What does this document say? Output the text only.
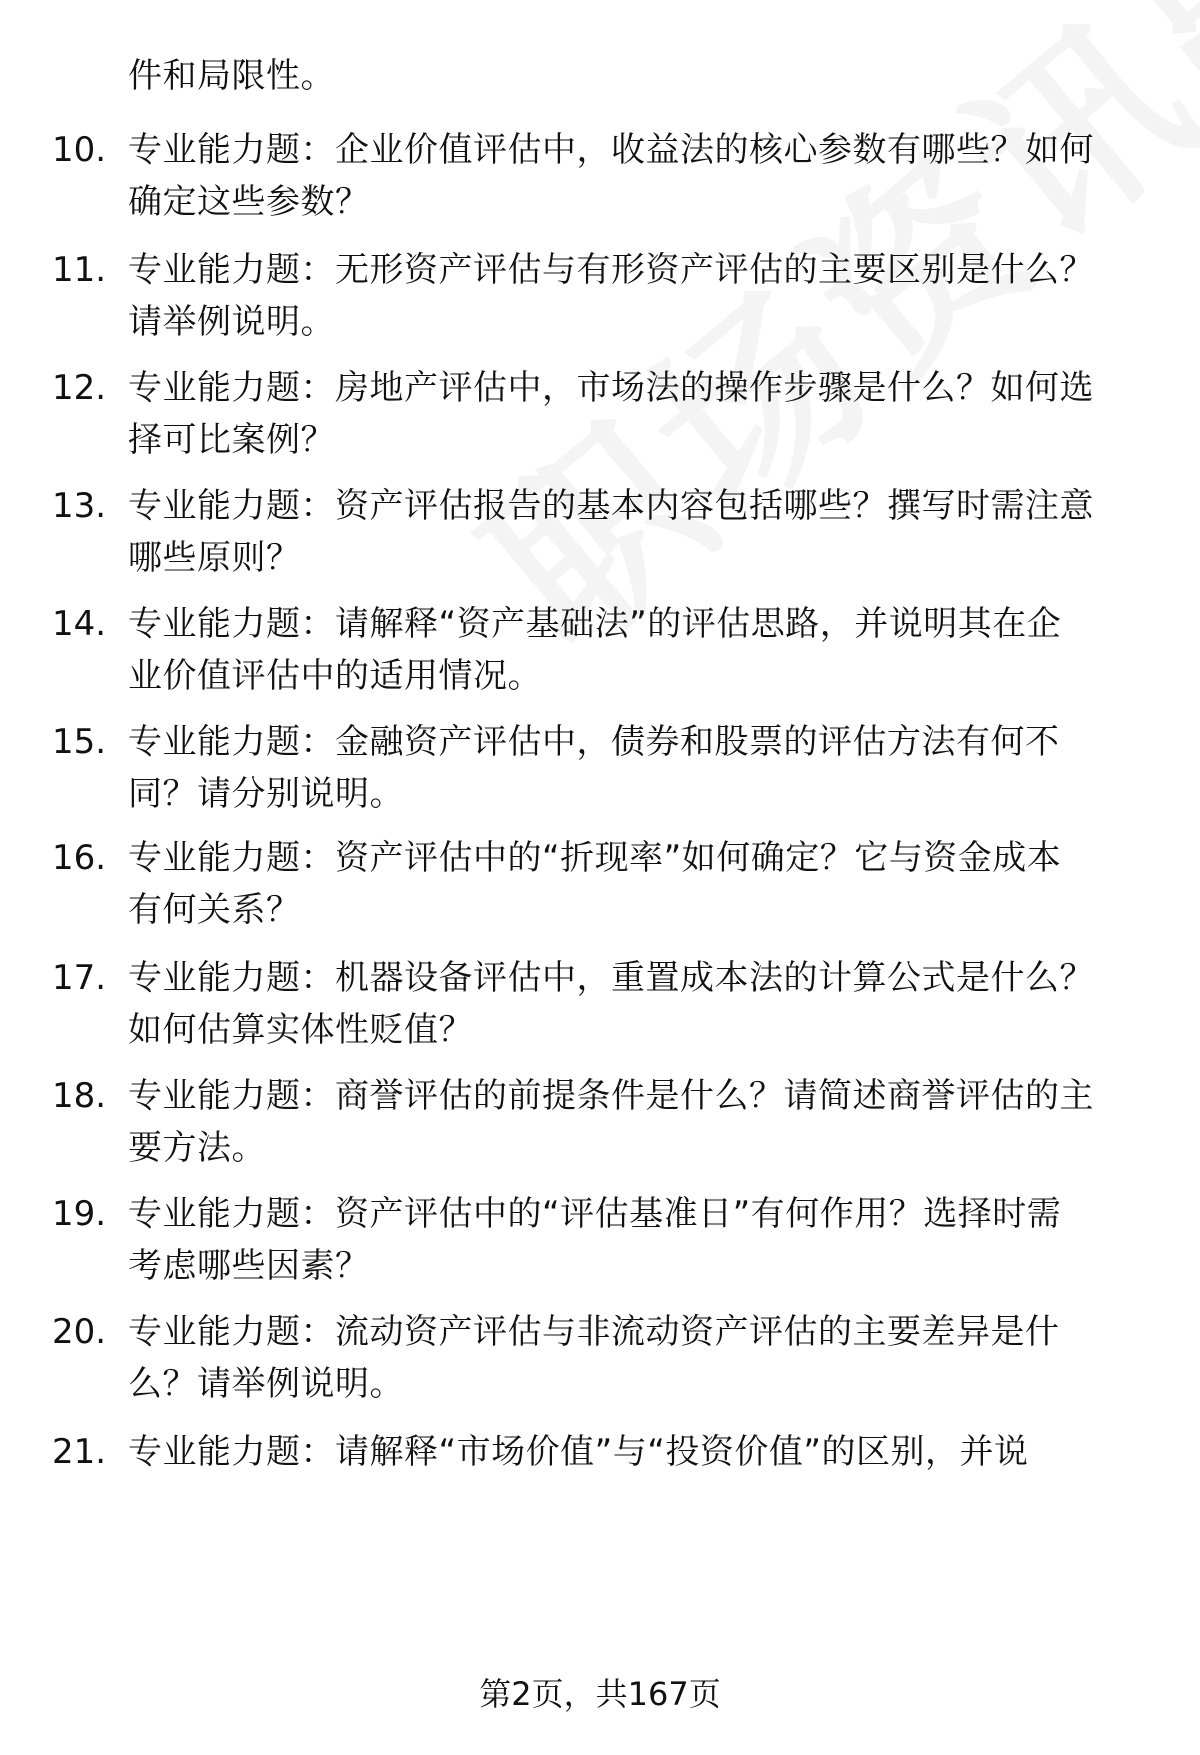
件和局限性。
10. 专业能力题：企业价值评估中，收益法的核心参数有哪些？如何
确定这些参数？
11. 专业能力题：无形资产评估与有形资产评估的主要区别是什么？
请举例说明。
12. 专业能力题：房地产评估中，市场法的操作步骤是什么？如何选
择可比案例？
13. 专业能力题：资产评估报告的基本内容包括哪些？撰写时需注意
哪些原则？
14. 专业能力题：请解释“资产基础法”的评估思路，并说明其在企
业价值评估中的适用情况。
15. 专业能力题：金融资产评估中，债券和股票的评估方法有何不
同？请分别说明。
16. 专业能力题：资产评估中的“折现率”如何确定？它与资金成本
有何关系？
17. 专业能力题：机器设备评估中，重置成本法的计算公式是什么？
如何估算实体性贬值？
18. 专业能力题：商誉评估的前提条件是什么？请简述商誉评估的主
要方法。
19. 专业能力题：资产评估中的“评估基准日”有何作用？选择时需
考虑哪些因素？
20. 专业能力题：流动资产评估与非流动资产评估的主要差异是什
么？请举例说明。
21. 专业能力题：请解释“市场价值”与“投资价值”的区别，并说
第2页，共167页
